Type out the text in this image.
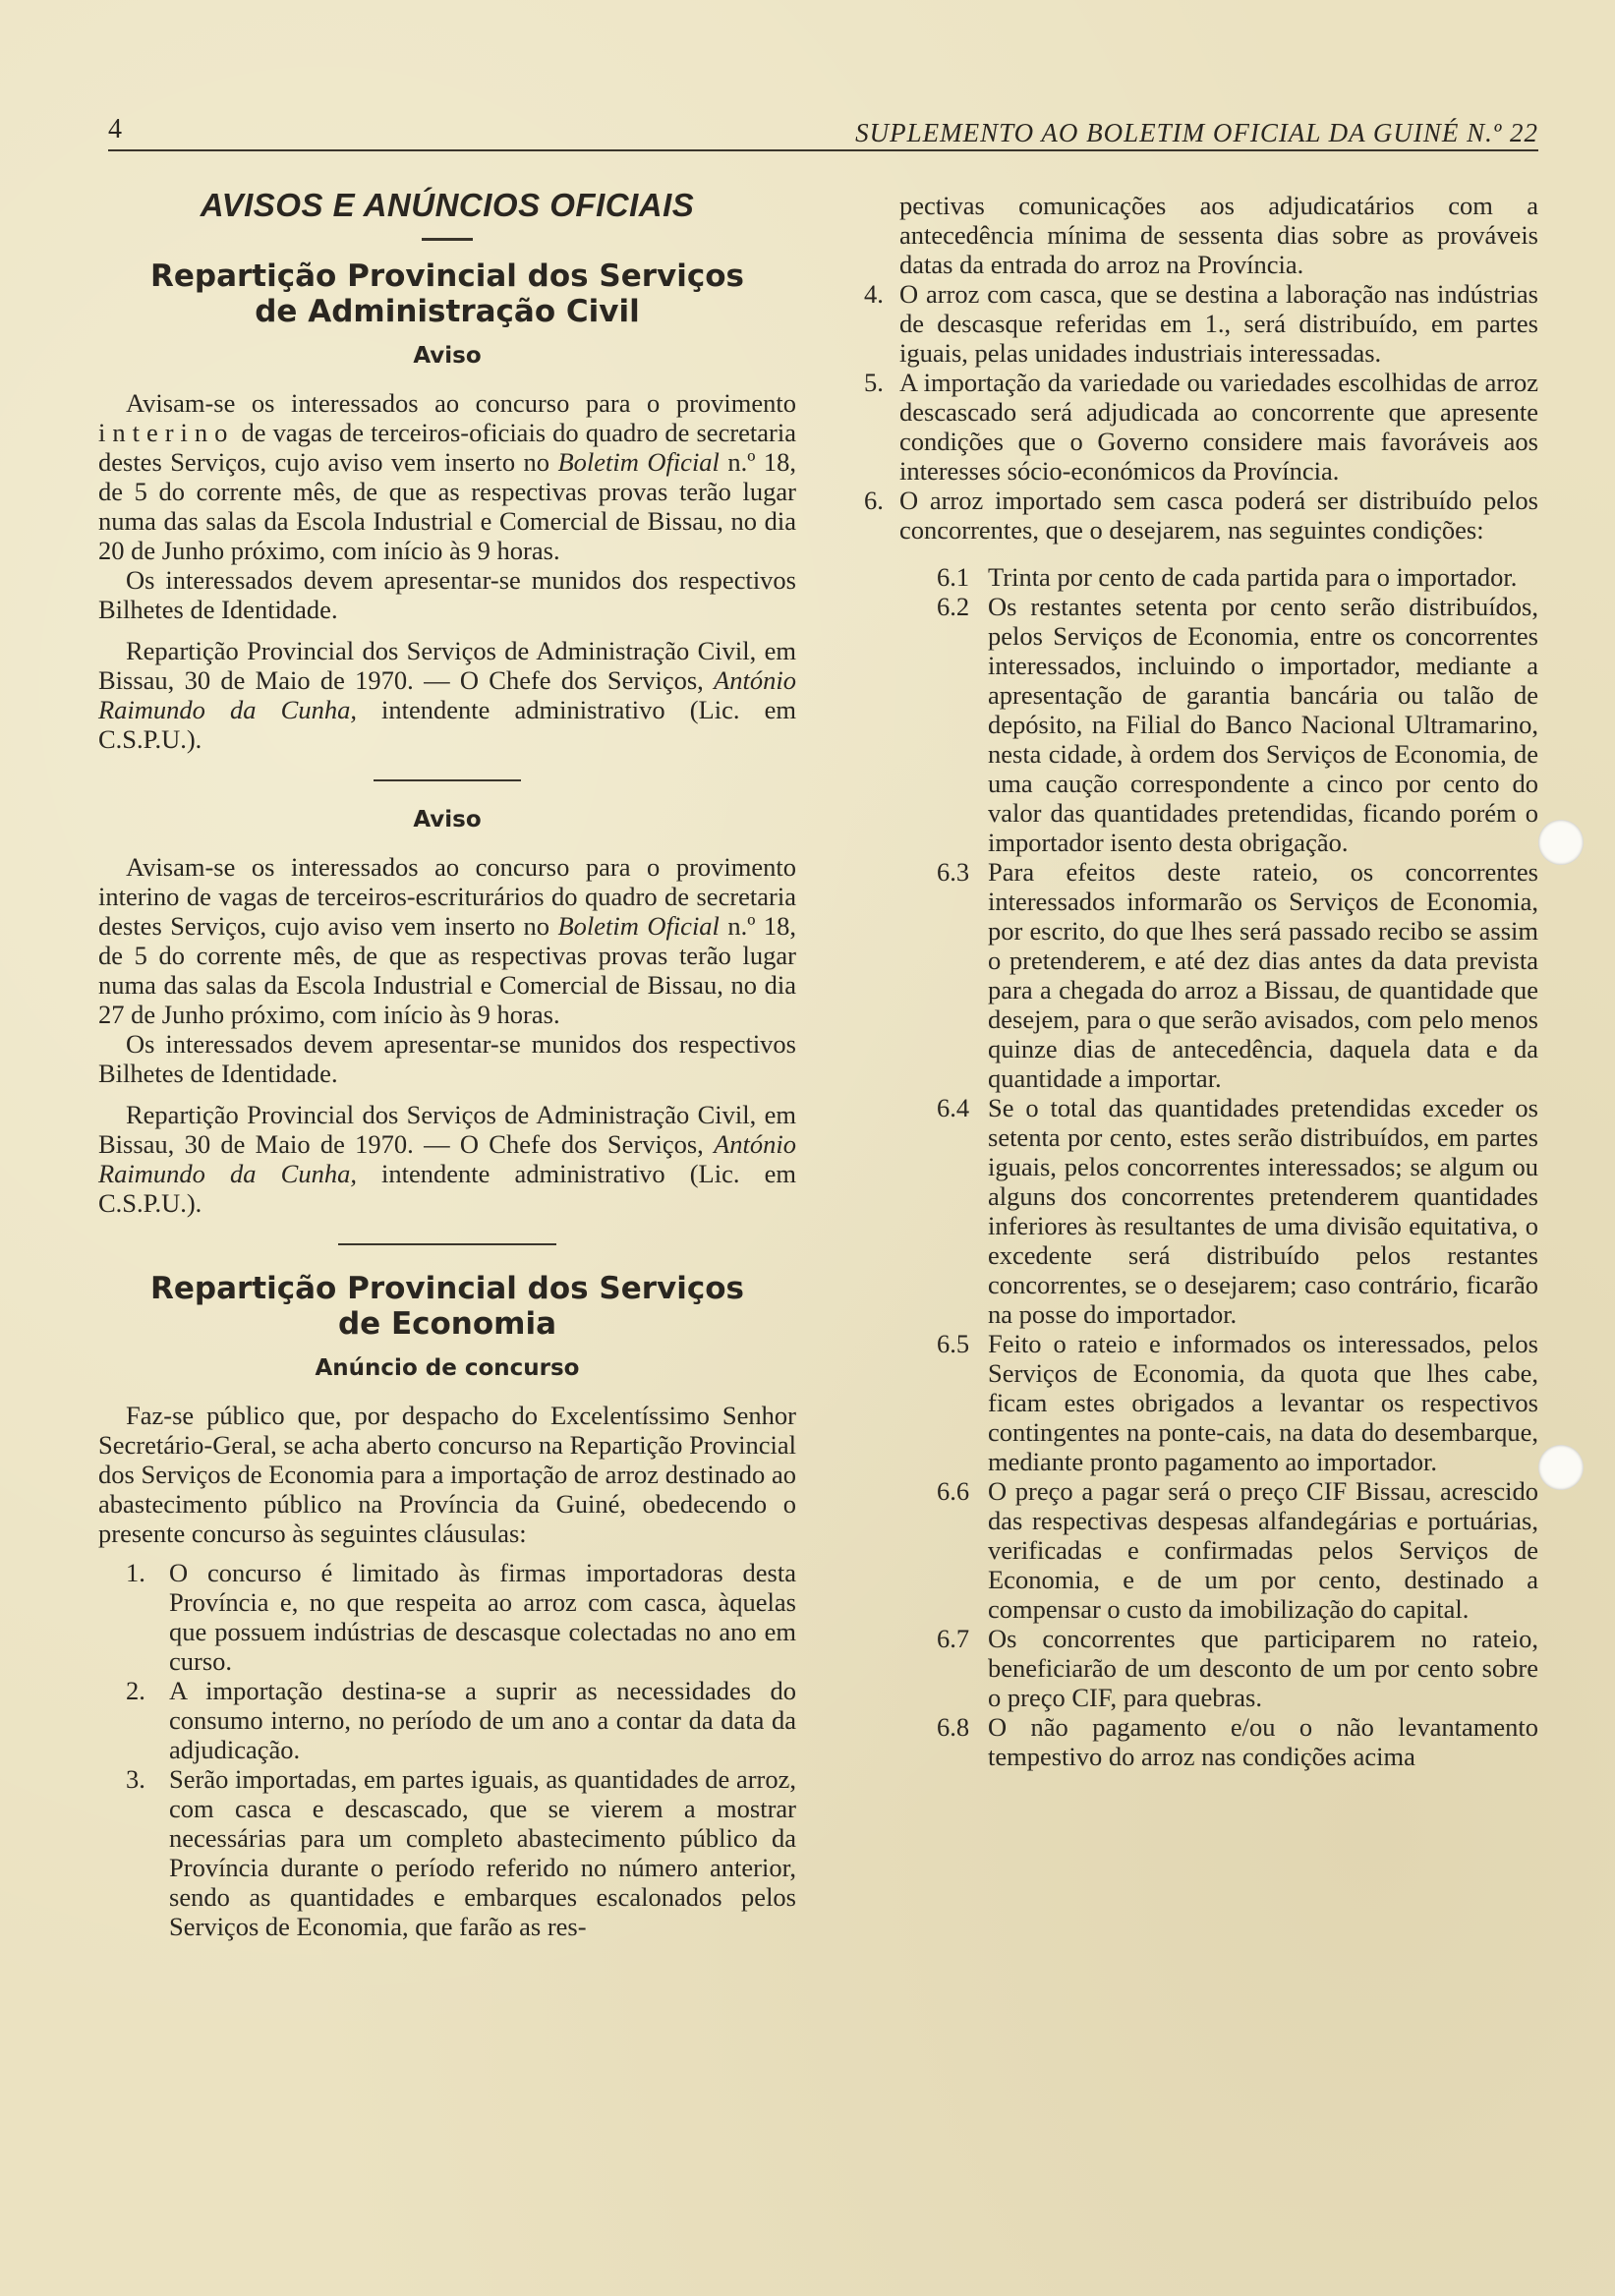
4	SUPLEMENTO AO BOLETIM OFICIAL DA GUINÉ N.º 22
AVISOS E ANÚNCIOS OFICIAIS
Repartição Provincial dos Serviços
de Administração Civil
Aviso

Avisam-se os interessados ao concurso para o provimento interino de vagas de terceiros-oficiais do quadro de secretaria destes Serviços, cujo aviso vem inserto no Boletim Oficial n.º 18, de 5 do corrente mês, de que as respectivas provas terão lugar numa das salas da Escola Industrial e Comercial de Bissau, no dia 20 de Junho próximo, com início às 9 horas.

Os interessados devem apresentar-se munidos dos respectivos Bilhetes de Identidade.

Repartição Provincial dos Serviços de Administração Civil, em Bissau, 30 de Maio de 1970. — O Chefe dos Serviços, António Raimundo da Cunha, intendente administrativo (Lic. em C.S.P.U.).

Aviso

Avisam-se os interessados ao concurso para o provimento interino de vagas de terceiros-escriturários do quadro de secretaria destes Serviços, cujo aviso vem inserto no Boletim Oficial n.º 18, de 5 do corrente mês, de que as respectivas provas terão lugar numa das salas da Escola Industrial e Comercial de Bissau, no dia 27 de Junho próximo, com início às 9 horas.

Os interessados devem apresentar-se munidos dos respectivos Bilhetes de Identidade.

Repartição Provincial dos Serviços de Administração Civil, em Bissau, 30 de Maio de 1970. — O Chefe dos Serviços, António Raimundo da Cunha, intendente administrativo (Lic. em C.S.P.U.).

Repartição Provincial dos Serviços
de Economia
Anúncio de concurso

Faz-se público que, por despacho do Excelentíssimo Senhor Secretário-Geral, se acha aberto concurso na Repartição Provincial dos Serviços de Economia para a importação de arroz destinado ao abastecimento público na Província da Guiné, obedecendo o presente concurso às seguintes cláusulas:

1. O concurso é limitado às firmas importadoras desta Província e, no que respeita ao arroz com casca, àquelas que possuem indústrias de descasque colectadas no ano em curso.

2. A importação destina-se a suprir as necessidades do consumo interno, no período de um ano a contar da data da adjudicação.

3. Serão importadas, em partes iguais, as quantidades de arroz, com casca e descascado, que se vierem a mostrar necessárias para um completo abastecimento público da Província durante o período referido no número anterior, sendo as quantidades e embarques escalonados pelos Serviços de Economia, que farão as res-

pectivas comunicações aos adjudicatários com a antecedência mínima de sessenta dias sobre as prováveis datas da entrada do arroz na Província.

4. O arroz com casca, que se destina a laboração nas indústrias de descasque referidas em 1., será distribuído, em partes iguais, pelas unidades industriais interessadas.

5. A importação da variedade ou variedades escolhidas de arroz descascado será adjudicada ao concorrente que apresente condições que o Governo considere mais favoráveis aos interesses sócio-económicos da Província.

6. O arroz importado sem casca poderá ser distribuído pelos concorrentes, que o desejarem, nas seguintes condições:

6.1 Trinta por cento de cada partida para o importador.

6.2 Os restantes setenta por cento serão distribuídos, pelos Serviços de Economia, entre os concorrentes interessados, incluindo o importador, mediante a apresentação de garantia bancária ou talão de depósito, na Filial do Banco Nacional Ultramarino, nesta cidade, à ordem dos Serviços de Economia, de uma caução correspondente a cinco por cento do valor das quantidades pretendidas, ficando porém o importador isento desta obrigação.

6.3 Para efeitos deste rateio, os concorrentes interessados informarão os Serviços de Economia, por escrito, do que lhes será passado recibo se assim o pretenderem, e até dez dias antes da data prevista para a chegada do arroz a Bissau, de quantidade que desejem, para o que serão avisados, com pelo menos quinze dias de antecedência, daquela data e da quantidade a importar.

6.4 Se o total das quantidades pretendidas exceder os setenta por cento, estes serão distribuídos, em partes iguais, pelos concorrentes interessados; se algum ou alguns dos concorrentes pretenderem quantidades inferiores às resultantes de uma divisão equitativa, o excedente será distribuído pelos restantes concorrentes, se o desejarem; caso contrário, ficarão na posse do importador.

6.5 Feito o rateio e informados os interessados, pelos Serviços de Economia, da quota que lhes cabe, ficam estes obrigados a levantar os respectivos contingentes na ponte-cais, na data do desembarque, mediante pronto pagamento ao importador.

6.6 O preço a pagar será o preço CIF Bissau, acrescido das respectivas despesas alfandegárias e portuárias, verificadas e confirmadas pelos Serviços de Economia, e de um por cento, destinado a compensar o custo da imobilização do capital.

6.7 Os concorrentes que participarem no rateio, beneficiarão de um desconto de um por cento sobre o preço CIF, para quebras.

6.8 O não pagamento e/ou o não levantamento tempestivo do arroz nas condições acima
